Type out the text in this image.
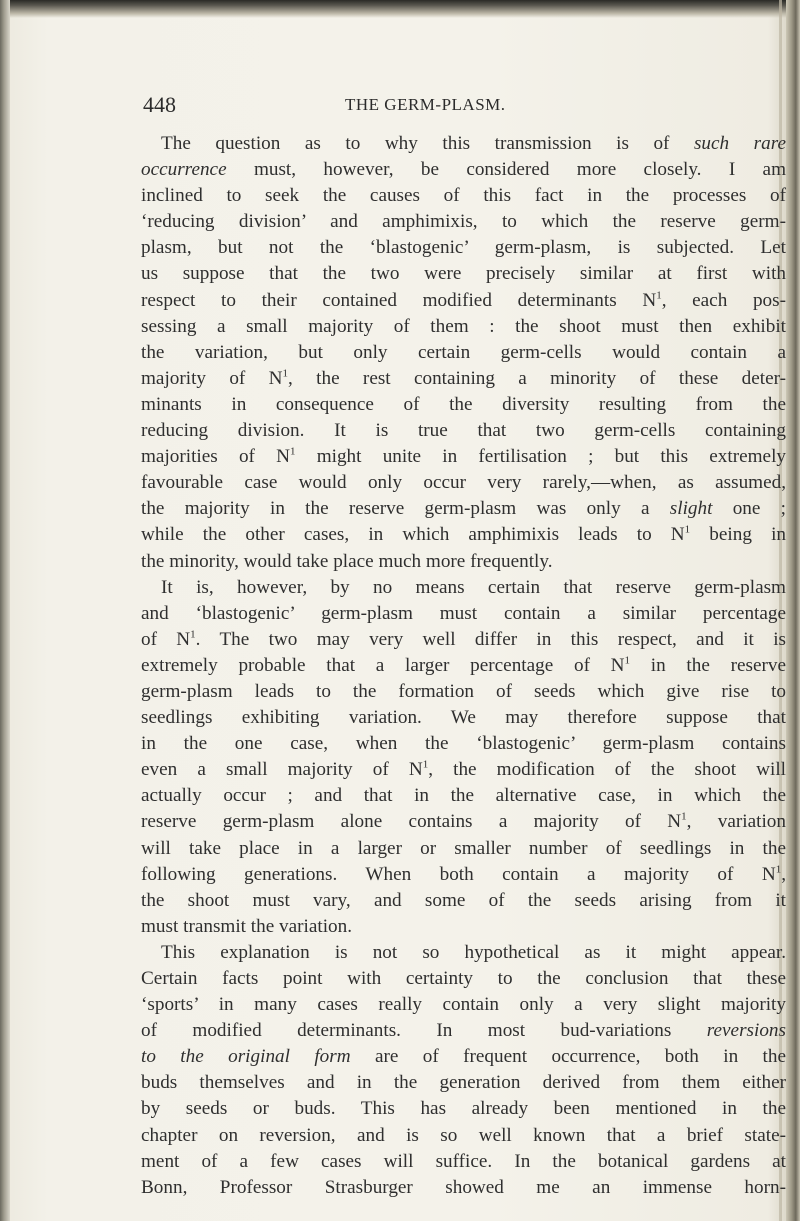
448	THE GERM-PLASM.
The question as to why this transmission is of such rare
occurrence must, however, be considered more closely. I am
inclined to seek the causes of this fact in the processes of
‘reducing division’ and amphimixis, to which the reserve germ-
plasm, but not the ‘blastogenic’ germ-plasm, is subjected. Let
us suppose that the two were precisely similar at first with
respect to their contained modified determinants $N^1$, each pos-
sessing a small majority of them : the shoot must then exhibit
the variation, but only certain germ-cells would contain a
majority of $N^1$, the rest containing a minority of these deter-
minants in consequence of the diversity resulting from the
reducing division. It is true that two germ-cells containing
majorities of $N^1$ might unite in fertilisation ; but this extremely
favourable case would only occur very rarely,—when, as assumed,
the majority in the reserve germ-plasm was only a slight one ;
while the other cases, in which amphimixis leads to $N^1$ being in
the minority, would take place much more frequently.
It is, however, by no means certain that reserve germ-plasm
and ‘blastogenic’ germ-plasm must contain a similar percentage
of $N^1$. The two may very well differ in this respect, and it is
extremely probable that a larger percentage of $N^1$ in the reserve
germ-plasm leads to the formation of seeds which give rise to
seedlings exhibiting variation. We may therefore suppose that
in the one case, when the ‘blastogenic’ germ-plasm contains
even a small majority of $N^1$, the modification of the shoot will
actually occur ; and that in the alternative case, in which the
reserve germ-plasm alone contains a majority of $N^1$, variation
will take place in a larger or smaller number of seedlings in the
following generations. When both contain a majority of $N^1$,
the shoot must vary, and some of the seeds arising from it
must transmit the variation.
This explanation is not so hypothetical as it might appear.
Certain facts point with certainty to the conclusion that these
‘sports’ in many cases really contain only a very slight majority
of modified determinants. In most bud-variations reversions
to the original form are of frequent occurrence, both in the
buds themselves and in the generation derived from them either
by seeds or buds. This has already been mentioned in the
chapter on reversion, and is so well known that a brief state-
ment of a few cases will suffice. In the botanical gardens at
Bonn, Professor Strasburger showed me an immense horn-
